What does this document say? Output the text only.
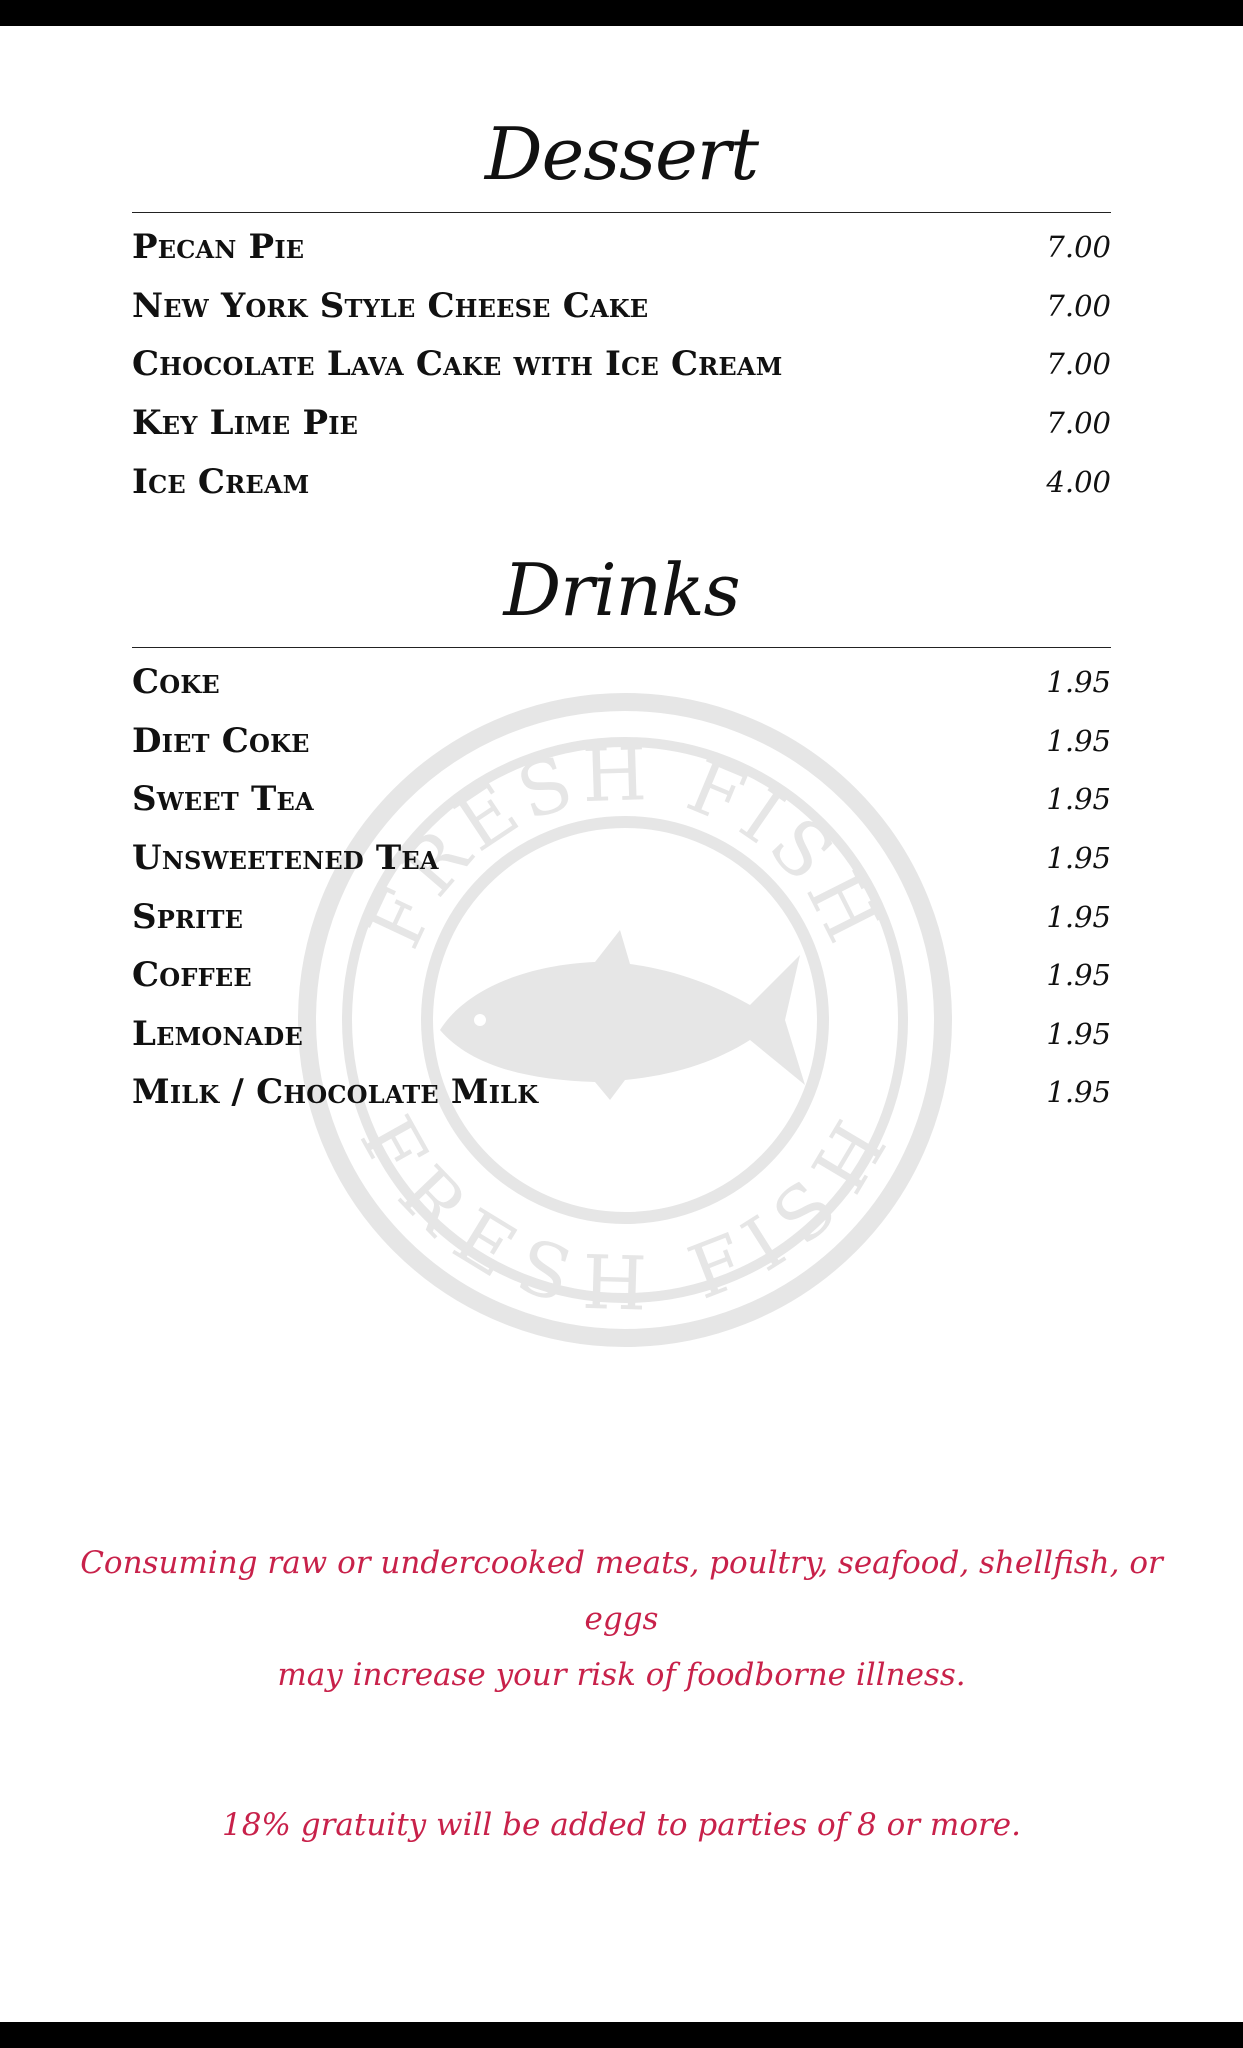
FRESH FISH
FRESH FISH
Dessert
Pecan Pie	7.00
New York Style Cheese Cake	7.00
Chocolate Lava Cake with Ice Cream	7.00
Key Lime Pie	7.00
Ice Cream	4.00
Drinks
Coke	1.95
Diet Coke	1.95
Sweet Tea	1.95
Unsweetened Tea	1.95
Sprite	1.95
Coffee	1.95
Lemonade	1.95
Milk / Chocolate Milk	1.95
Consuming raw or undercooked meats, poultry, seafood, shellfish, or eggs
may increase your risk of foodborne illness.
18% gratuity will be added to parties of 8 or more.
